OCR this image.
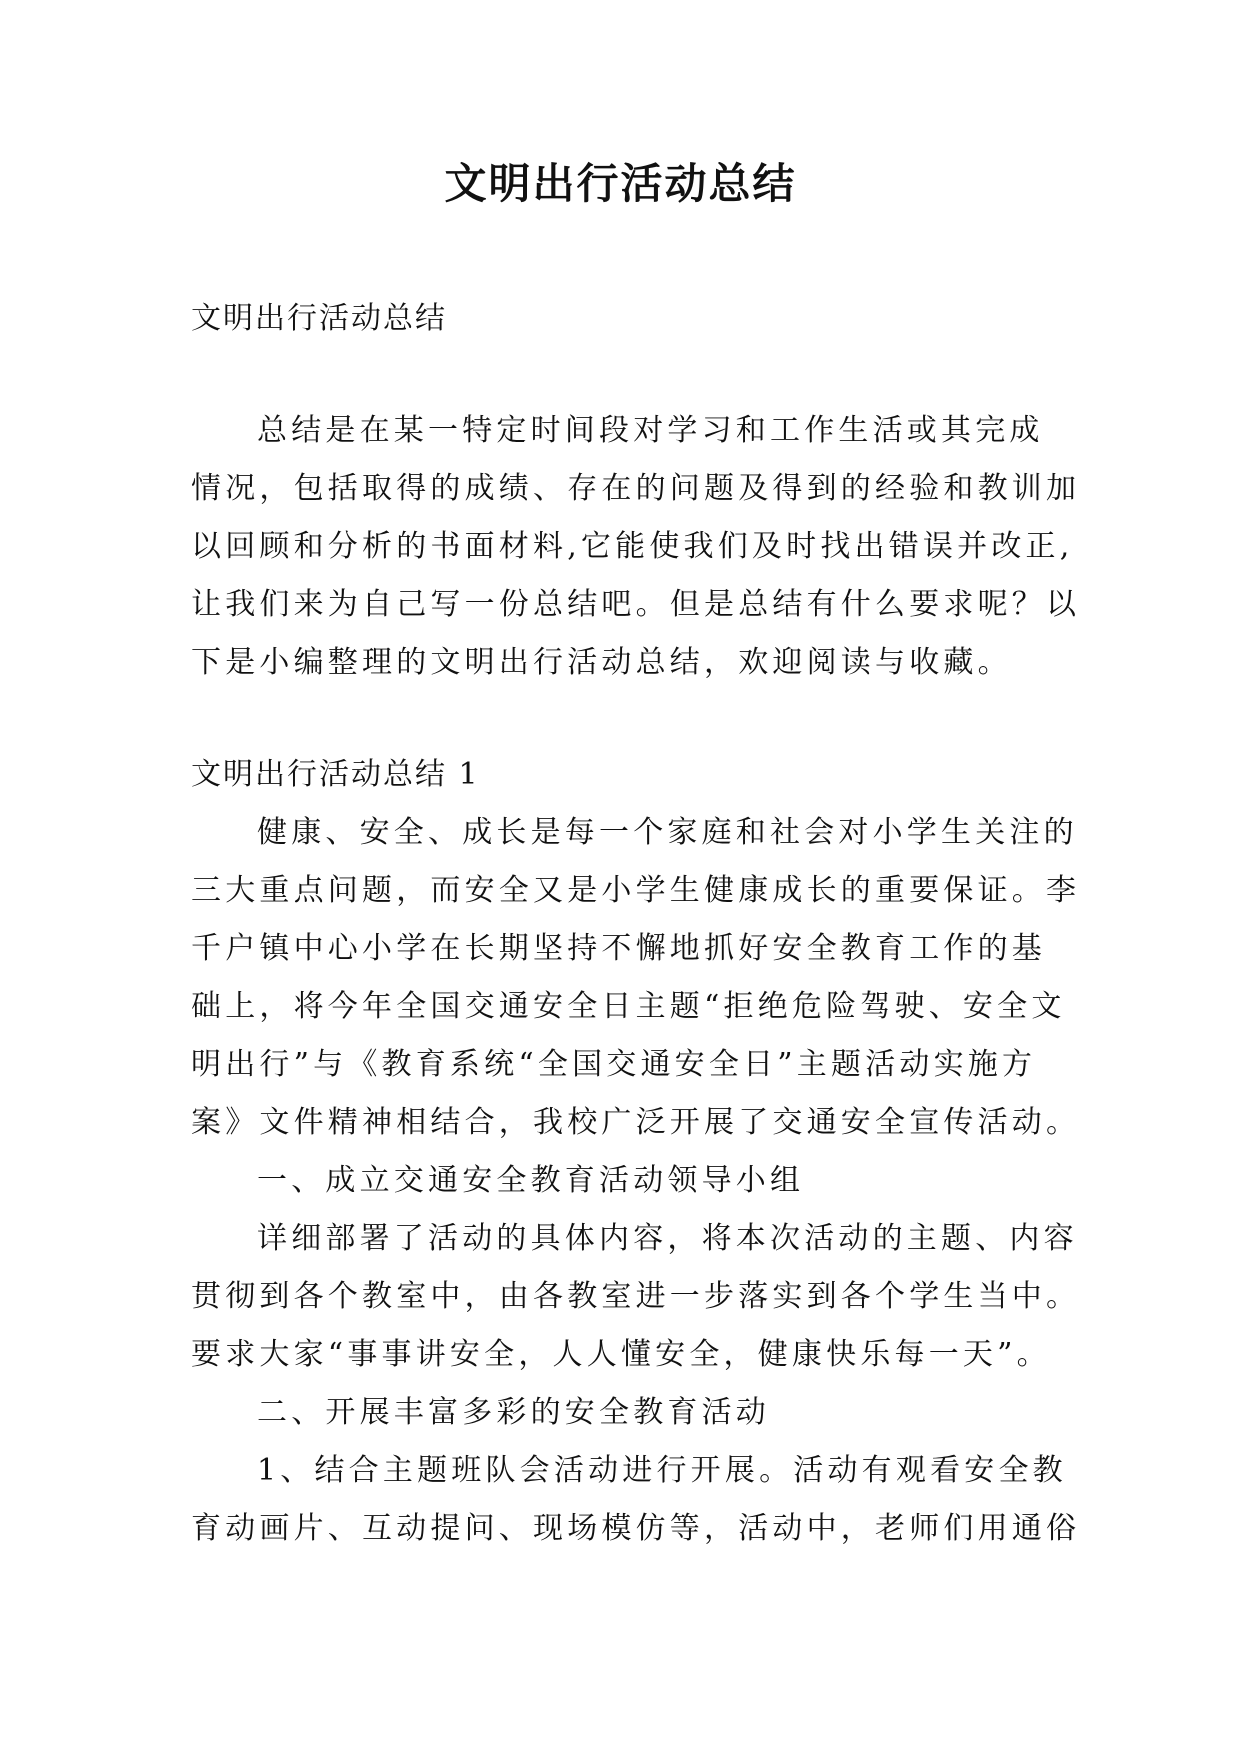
文明出行活动总结

文明出行活动总结

总结是在某一特定时间段对学习和工作生活或其完成

情况，包括取得的成绩、存在的问题及得到的经验和教训加

以回顾和分析的书面材料,它能使我们及时找出错误并改正,

让我们来为自己写一份总结吧。但是总结有什么要求呢？以

下是小编整理的文明出行活动总结，欢迎阅读与收藏。

文明出行活动总结 1

健康、安全、成长是每一个家庭和社会对小学生关注的

三大重点问题，而安全又是小学生健康成长的重要保证。李

千户镇中心小学在长期坚持不懈地抓好安全教育工作的基

础上，将今年全国交通安全日主题“拒绝危险驾驶、安全文

明出行”与《教育系统“全国交通安全日”主题活动实施方

案》文件精神相结合，我校广泛开展了交通安全宣传活动。

一、成立交通安全教育活动领导小组

详细部署了活动的具体内容，将本次活动的主题、内容

贯彻到各个教室中，由各教室进一步落实到各个学生当中。

要求大家“事事讲安全，人人懂安全，健康快乐每一天”。

二、开展丰富多彩的安全教育活动

1、结合主题班队会活动进行开展。活动有观看安全教

育动画片、互动提问、现场模仿等，活动中，老师们用通俗
